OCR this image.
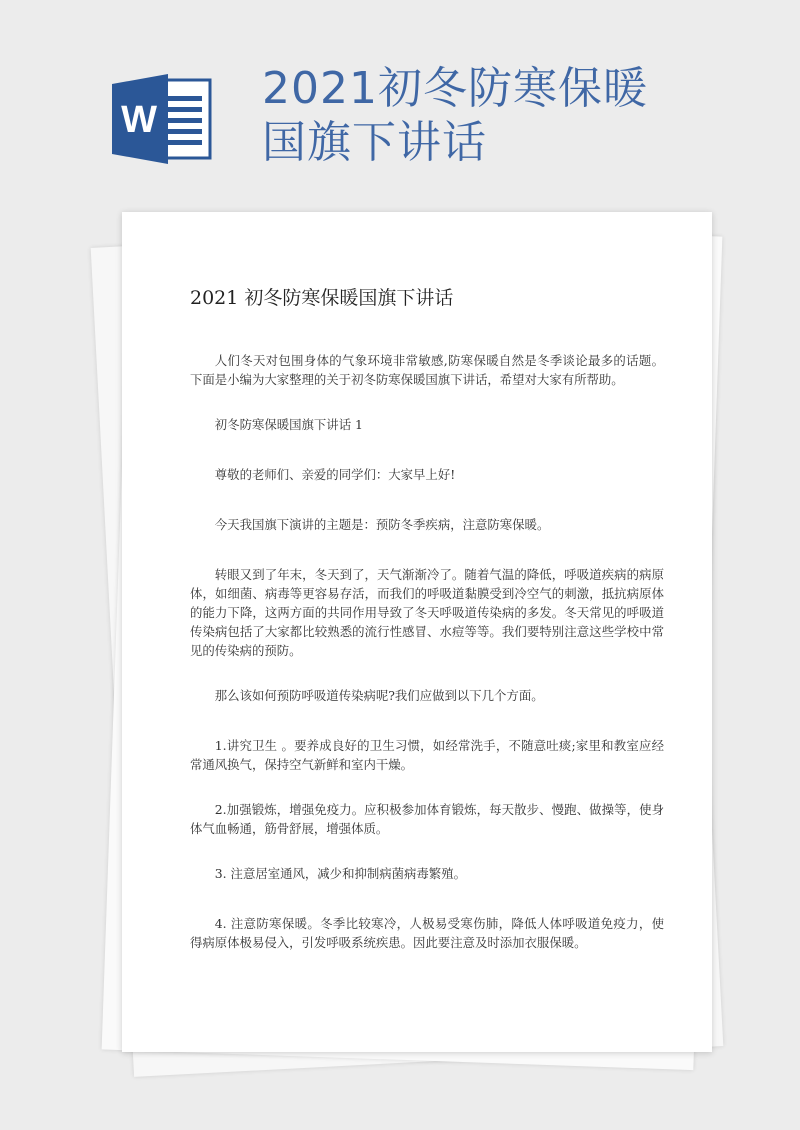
W
2021初冬防寒保暖
国旗下讲话
2021 初冬防寒保暖国旗下讲话

人们冬天对包围身体的气象环境非常敏感,防寒保暖自然是冬季谈论最多的话题。下面是小编为大家整理的关于初冬防寒保暖国旗下讲话，希望对大家有所帮助。

初冬防寒保暖国旗下讲话 1

尊敬的老师们、亲爱的同学们：大家早上好!

今天我国旗下演讲的主题是：预防冬季疾病，注意防寒保暖。

转眼又到了年末，冬天到了，天气渐渐冷了。随着气温的降低，呼吸道疾病的病原体，如细菌、病毒等更容易存活，而我们的呼吸道黏膜受到冷空气的刺激，抵抗病原体的能力下降，这两方面的共同作用导致了冬天呼吸道传染病的多发。冬天常见的呼吸道传染病包括了大家都比较熟悉的流行性感冒、水痘等等。我们要特别注意这些学校中常见的传染病的预防。

那么该如何预防呼吸道传染病呢?我们应做到以下几个方面。

1.讲究卫生 。要养成良好的卫生习惯，如经常洗手，不随意吐痰;家里和教室应经常通风换气，保持空气新鲜和室内干燥。

2.加强锻炼，增强免疫力。应积极参加体育锻炼，每天散步、慢跑、做操等，使身体气血畅通，筋骨舒展，增强体质。

3. 注意居室通风，减少和抑制病菌病毒繁殖。

4. 注意防寒保暖。冬季比较寒冷，人极易受寒伤肺，降低人体呼吸道免疫力，使得病原体极易侵入，引发呼吸系统疾患。因此要注意及时添加衣服保暖。
